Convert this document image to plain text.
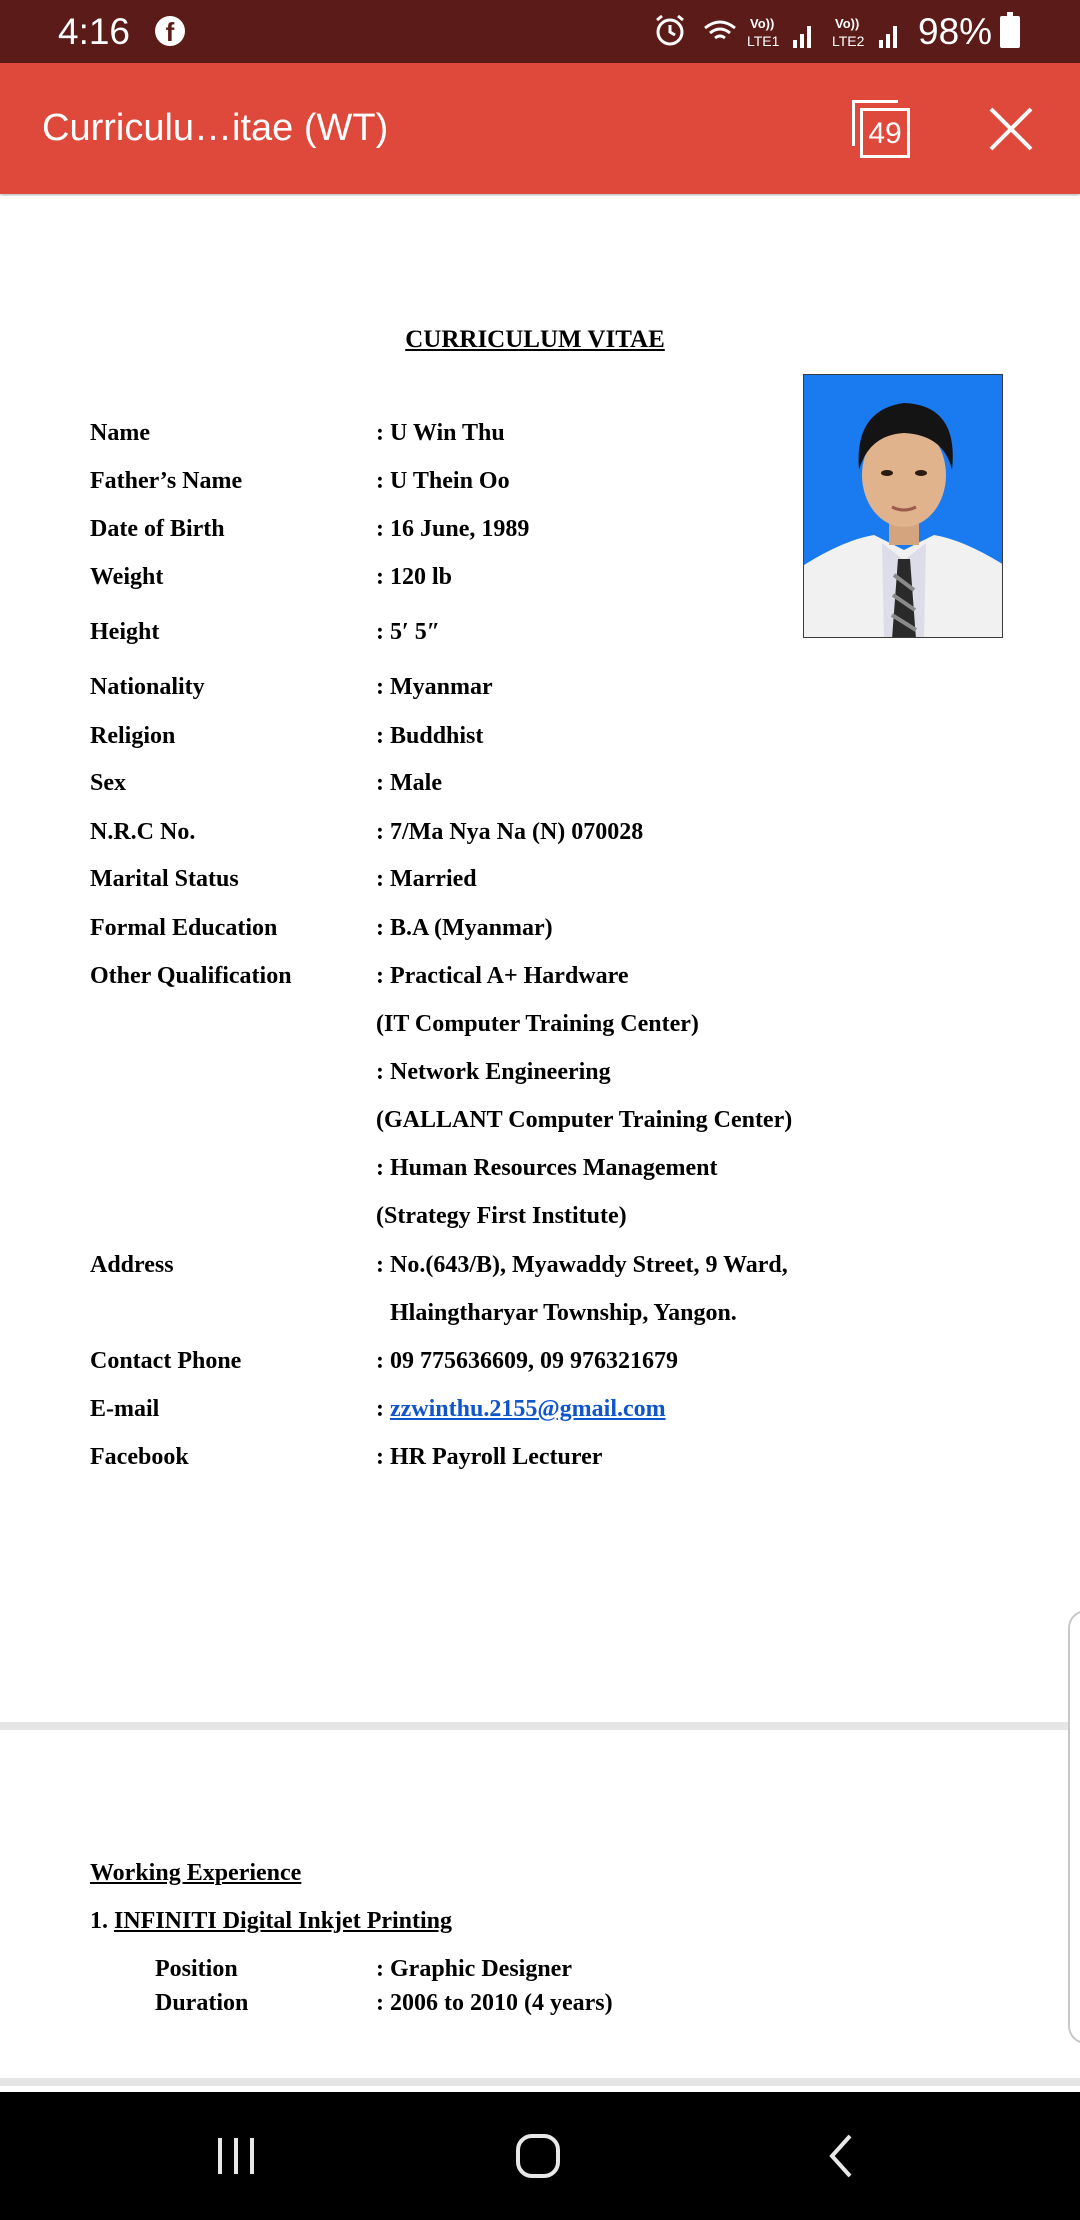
4:16	f	Vo))
LTE1
Vo))
LTE2 98%
Curriculu…itae (WT)	49
CURRICULUM VITAE
Name	: U Win Thu
Father’s Name	: U Thein Oo
Date of Birth	: 16 June, 1989
Weight	: 120 lb
Height	: 5′ 5″
Nationality	: Myanmar
Religion	: Buddhist
Sex	: Male
N.R.C No.	: 7/Ma Nya Na (N) 070028
Marital Status	: Married
Formal Education	: B.A (Myanmar)
Other Qualification	: Practical A+ Hardware
(IT Computer Training Center)
: Network Engineering
(GALLANT Computer Training Center)
: Human Resources Management
(Strategy First Institute)
Address	: No.(643/B), Myawaddy Street, 9 Ward,
Hlaingtharyar Township, Yangon.
Contact Phone	: 09 775636609, 09 976321679
E-mail	: zzwinthu.2155@gmail.com
Facebook	: HR Payroll Lecturer
Working Experience
1. INFINITI Digital Inkjet Printing
Position	: Graphic Designer
Duration	: 2006 to 2010 (4 years)
